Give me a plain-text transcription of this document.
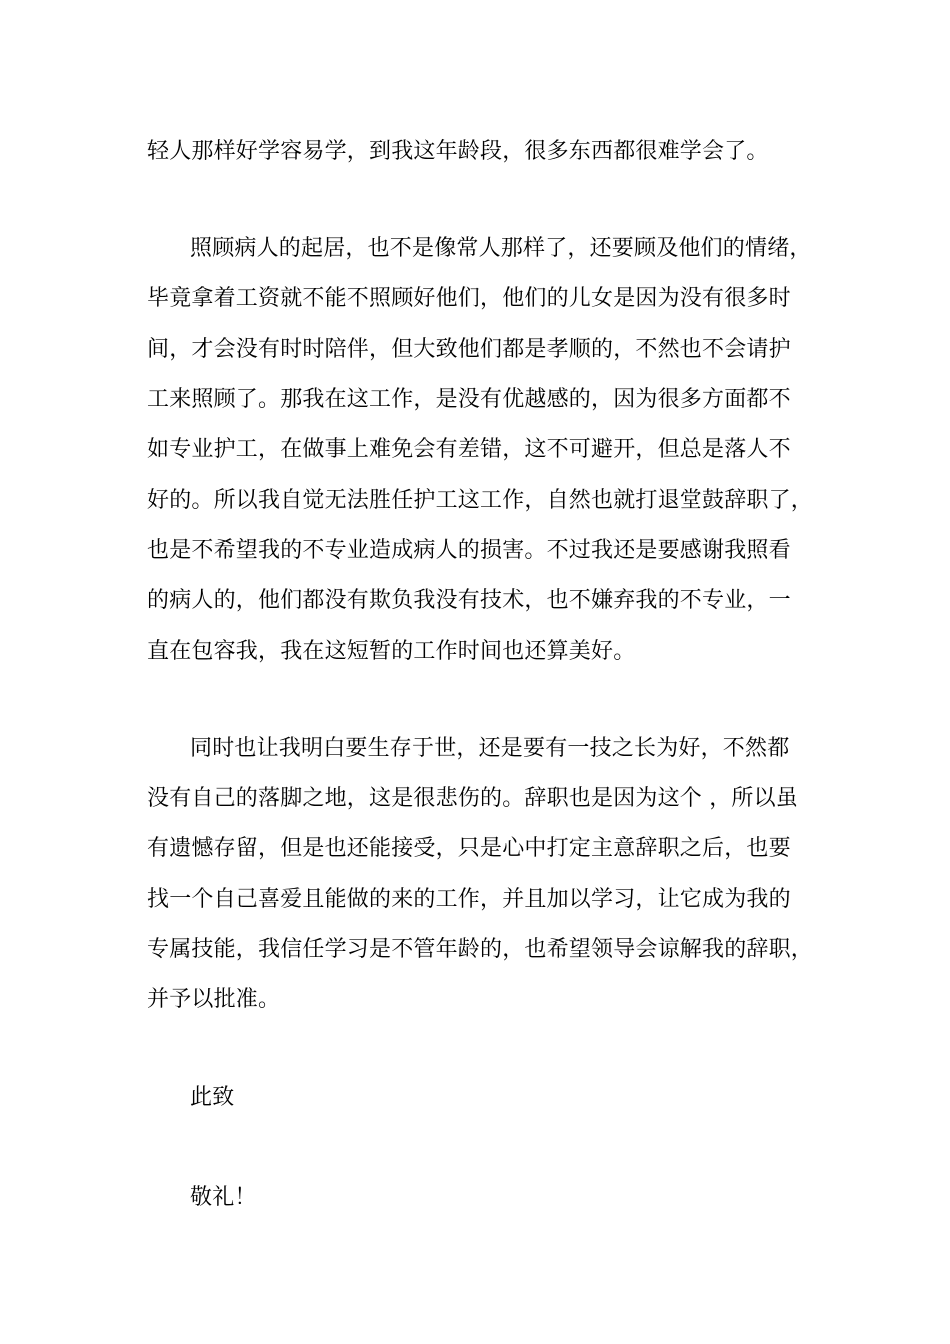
轻人那样好学容易学，到我这年龄段，很多东西都很难学会了。
照顾病人的起居，也不是像常人那样了，还要顾及他们的情绪，
毕竟拿着工资就不能不照顾好他们，他们的儿女是因为没有很多时
间，才会没有时时陪伴，但大致他们都是孝顺的，不然也不会请护
工来照顾了。那我在这工作，是没有优越感的，因为很多方面都不
如专业护工，在做事上难免会有差错，这不可避开，但总是落人不
好的。所以我自觉无法胜任护工这工作，自然也就打退堂鼓辞职了，
也是不希望我的不专业造成病人的损害。不过我还是要感谢我照看
的病人的，他们都没有欺负我没有技术，也不嫌弃我的不专业，一
直在包容我，我在这短暂的工作时间也还算美好。
同时也让我明白要生存于世，还是要有一技之长为好，不然都
没有自己的落脚之地，这是很悲伤的。辞职也是因为这个 ，所以虽
有遗憾存留，但是也还能接受，只是心中打定主意辞职之后，也要
找一个自己喜爱且能做的来的工作，并且加以学习，让它成为我的
专属技能，我信任学习是不管年龄的，也希望领导会谅解我的辞职，
并予以批准。
此致
敬礼！
